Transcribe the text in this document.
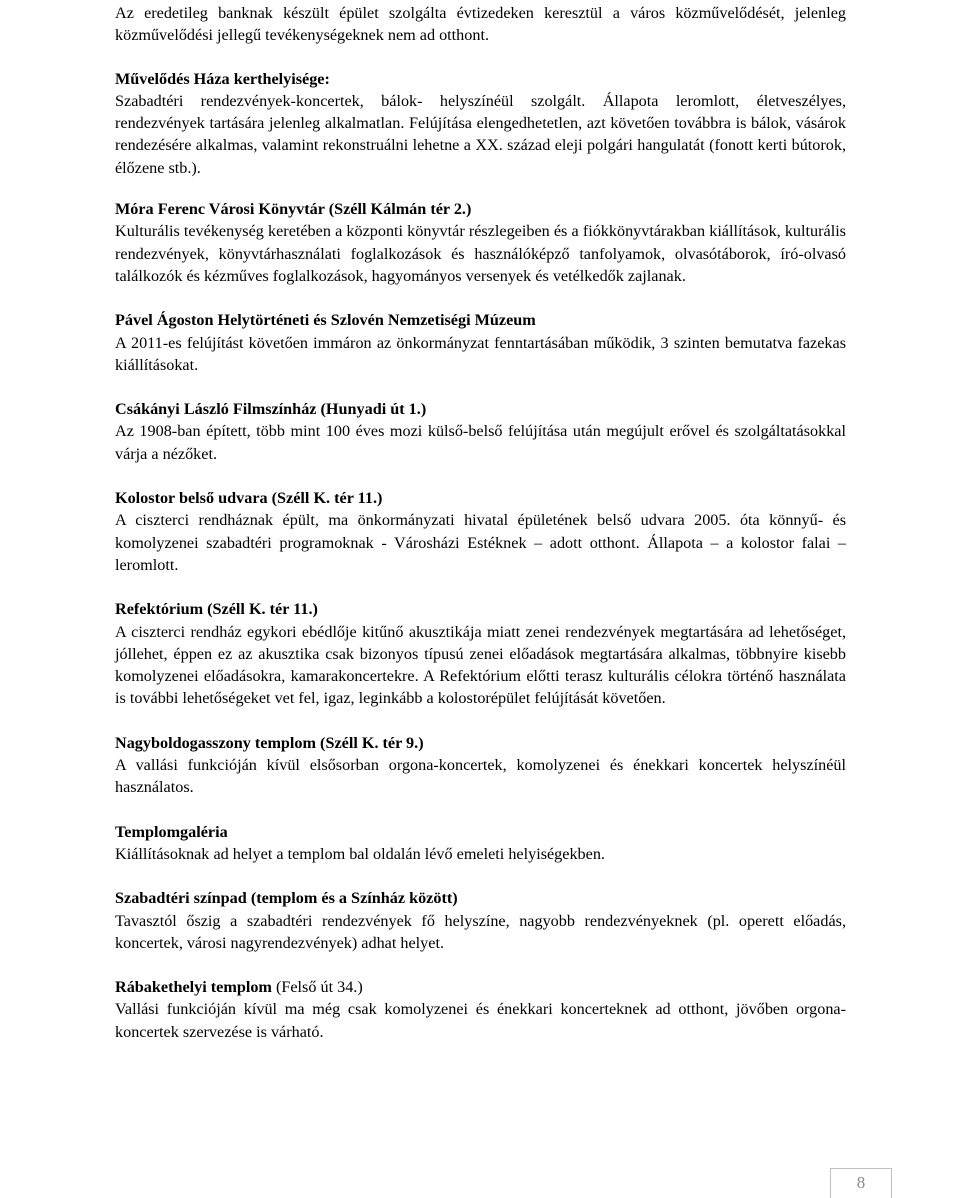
Az eredetileg banknak készült épület szolgálta évtizedeken keresztül a város közművelődését, jelenleg közművelődési jellegű tevékenységeknek nem ad otthont.

Művelődés Háza kerthelyisége:

Szabadtéri rendezvények-koncertek, bálok- helyszínéül szolgált. Állapota leromlott, életveszélyes, rendezvények tartására jelenleg alkalmatlan. Felújítása elengedhetetlen, azt követően továbbra is bálok, vásárok rendezésére alkalmas, valamint rekonstruálni lehetne a XX. század eleji polgári hangulatát (fonott kerti bútorok, élőzene stb.).

Móra Ferenc Városi Könyvtár (Széll Kálmán tér 2.)

Kulturális tevékenység keretében a központi könyvtár részlegeiben és a fiókkönyvtárakban kiállítások, kulturális rendezvények, könyvtárhasználati foglalkozások és használóképző tanfolyamok, olvasótáborok, író-olvasó találkozók és kézműves foglalkozások, hagyományos versenyek és vetélkedők zajlanak.

Pável Ágoston Helytörténeti és Szlovén Nemzetiségi Múzeum

A 2011-es felújítást követően immáron az önkormányzat fenntartásában működik, 3 szinten bemutatva fazekas kiállításokat.

Csákányi László Filmszínház (Hunyadi út 1.)

Az 1908-ban épített, több mint 100 éves mozi külső-belső felújítása után megújult erővel és szolgáltatásokkal várja a nézőket.

Kolostor belső udvara (Széll K. tér 11.)

A ciszterci rendháznak épült, ma önkormányzati hivatal épületének belső udvara 2005. óta könnyű- és komolyzenei szabadtéri programoknak - Városházi Estéknek – adott otthont. Állapota – a kolostor falai – leromlott.

Refektórium (Széll K. tér 11.)

A ciszterci rendház egykori ebédlője kitűnő akusztikája miatt zenei rendezvények megtartására ad lehetőséget, jóllehet, éppen ez az akusztika csak bizonyos típusú zenei előadások megtartására alkalmas, többnyire kisebb komolyzenei előadásokra, kamarakoncertekre. A Refektórium előtti terasz kulturális célokra történő használata is további lehetőségeket vet fel, igaz, leginkább a kolostorépület felújítását követően.

Nagyboldogasszony templom (Széll K. tér 9.)

A vallási funkcióján kívül elsősorban orgona-koncertek, komolyzenei és énekkari koncertek helyszínéül használatos.

Templomgaléria

Kiállításoknak ad helyet a templom bal oldalán lévő emeleti helyiségekben.

Szabadtéri színpad (templom és a Színház között)

Tavasztól őszig a szabadtéri rendezvények fő helyszíne, nagyobb rendezvényeknek (pl. operett előadás, koncertek, városi nagyrendezvények) adhat helyet.

Rábakethelyi templom (Felső út 34.)

Vallási funkcióján kívül ma még csak komolyzenei és énekkari koncerteknek ad otthont, jövőben orgona-koncertek szervezése is várható.

8
